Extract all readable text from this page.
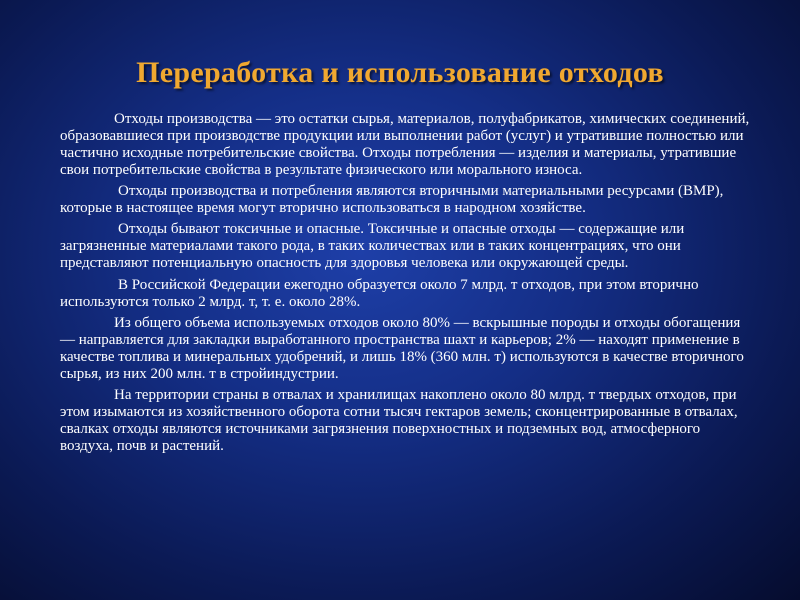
Переработка и использование отходов

Отходы производства — это остатки сырья, материалов, полуфабрикатов, химических соединений, образовавшиеся при производстве продукции или выполнении работ (услуг) и утратившие полностью или частично исходные потребительские свойства. Отходы потребления — изделия и материалы, утратившие свои потребительские свойства в результате физического или морального износа.

Отходы производства и потребления являются вторичными материальными ресурсами (ВМР), которые в настоящее время могут вторично использоваться в народном хозяйстве.

Отходы бывают токсичные и опасные. Токсичные и опасные отходы — содержащие или загрязненные материалами такого рода, в таких количествах или в таких концентрациях, что они представляют потенциальную опасность для здоровья человека или окружающей среды.

В Российской Федерации ежегодно образуется около 7 млрд. т отходов, при этом вторично используются только 2 млрд. т, т. е. около 28%.

Из общего объема используемых отходов около 80% — вскрышные породы и отходы обогащения — направляется для закладки выработанного пространства шахт и карьеров; 2% — находят применение в качестве топлива и минеральных удобрений, и лишь 18% (360 млн. т) используются в качестве вторичного сырья, из них 200 млн. т в стройиндустрии.

На территории страны в отвалах и хранилищах накоплено около 80 млрд. т твердых отходов, при этом изымаются из хозяйственного оборота сотни тысяч гектаров земель; сконцентрированные в отвалах, свалках отходы являются источниками загрязнения поверхностных и подземных вод, атмосферного воздуха, почв и растений.
